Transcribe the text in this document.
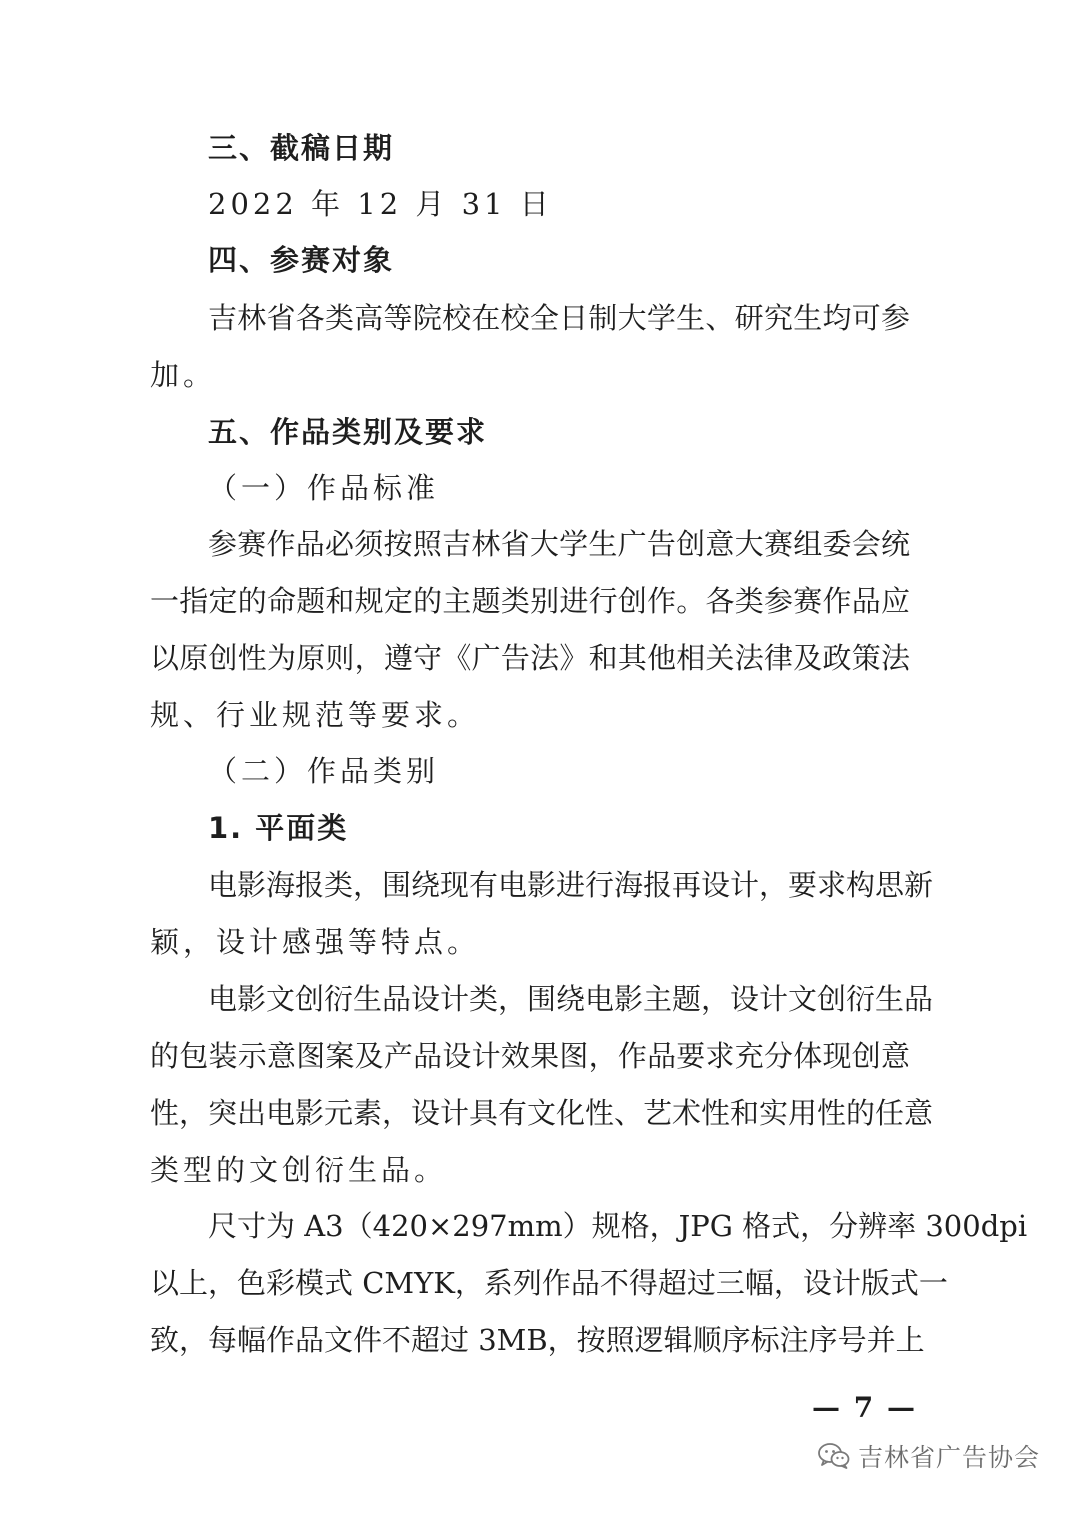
三、截稿日期
2022 年 12 月 31 日
四、参赛对象
吉林省各类高等院校在校全日制大学生、研究生均可参
加。
五、作品类别及要求
（一）作品标准
参赛作品必须按照吉林省大学生广告创意大赛组委会统
一指定的命题和规定的主题类别进行创作。各类参赛作品应
以原创性为原则，遵守《广告法》和其他相关法律及政策法
规、行业规范等要求。
（二）作品类别
1. 平面类
电影海报类，围绕现有电影进行海报再设计，要求构思新
颖，设计感强等特点。
电影文创衍生品设计类，围绕电影主题，设计文创衍生品
的包装示意图案及产品设计效果图，作品要求充分体现创意
性，突出电影元素，设计具有文化性、艺术性和实用性的任意
类型的文创衍生品。
尺寸为 A3（420×297mm）规格，JPG 格式，分辨率 300dpi
以上，色彩模式 CMYK，系列作品不得超过三幅，设计版式一
致，每幅作品文件不超过 3MB，按照逻辑顺序标注序号并上
— 7 —
吉林省广告协会
